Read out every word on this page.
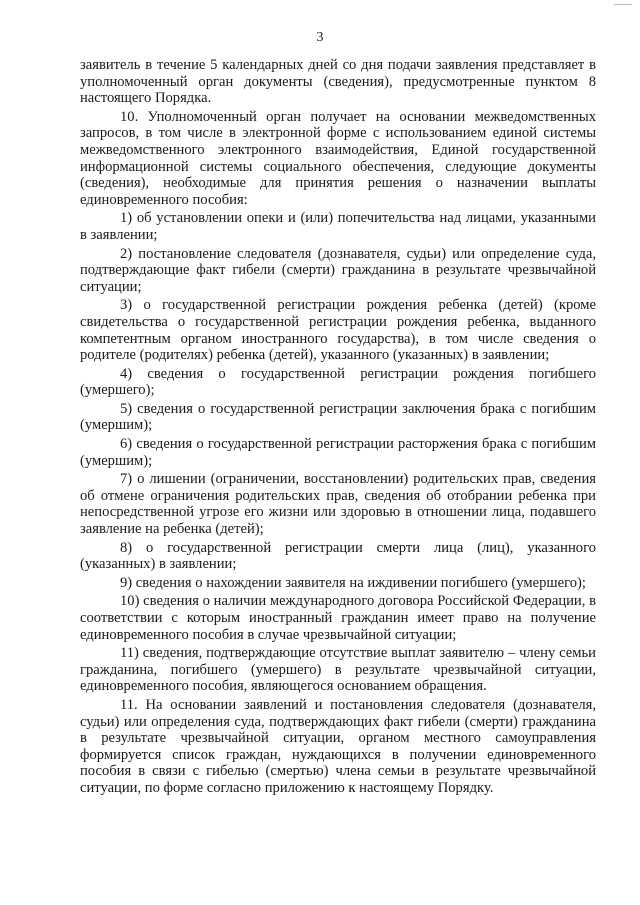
3

заявитель в течение 5 календарных дней со дня подачи заявления представляет в уполномоченный орган документы (сведения), предусмотренные пунктом 8 настоящего Порядка.

10. Уполномоченный орган получает на основании межведомственных запросов, в том числе в электронной форме с использованием единой системы межведомственного электронного взаимодействия, Единой государственной информационной системы социального обеспечения, следующие документы (сведения), необходимые для принятия решения о назначении выплаты единовременного пособия:

1) об установлении опеки и (или) попечительства над лицами, указанными в заявлении;

2) постановление следователя (дознавателя, судьи) или определение суда, подтверждающие факт гибели (смерти) гражданина в результате чрезвычайной ситуации;

3) о государственной регистрации рождения ребенка (детей) (кроме свидетельства о государственной регистрации рождения ребенка, выданного компетентным органом иностранного государства), в том числе сведения о родителе (родителях) ребенка (детей), указанного (указанных) в заявлении;

4) сведения о государственной регистрации рождения погибшего (умершего);

5) сведения о государственной регистрации заключения брака с погибшим (умершим);

6) сведения о государственной регистрации расторжения брака с погибшим (умершим);

7) о лишении (ограничении, восстановлении) родительских прав, сведения об отмене ограничения родительских прав, сведения об отобрании ребенка при непосредственной угрозе его жизни или здоровью в отношении лица, подавшего заявление на ребенка (детей);

8) о государственной регистрации смерти лица (лиц), указанного (указанных) в заявлении;

9) сведения о нахождении заявителя на иждивении погибшего (умершего);

10) сведения о наличии международного договора Российской Федерации, в соответствии с которым иностранный гражданин имеет право на получение единовременного пособия в случае чрезвычайной ситуации;

11) сведения, подтверждающие отсутствие выплат заявителю – члену семьи гражданина, погибшего (умершего) в результате чрезвычайной ситуации, единовременного пособия, являющегося основанием обращения.

11. На основании заявлений и постановления следователя (дознавателя, судьи) или определения суда, подтверждающих факт гибели (смерти) гражданина в результате чрезвычайной ситуации, органом местного самоуправления формируется список граждан, нуждающихся в получении единовременного пособия в связи с гибелью (смертью) члена семьи в результате чрезвычайной ситуации, по форме согласно приложению к настоящему Порядку.
